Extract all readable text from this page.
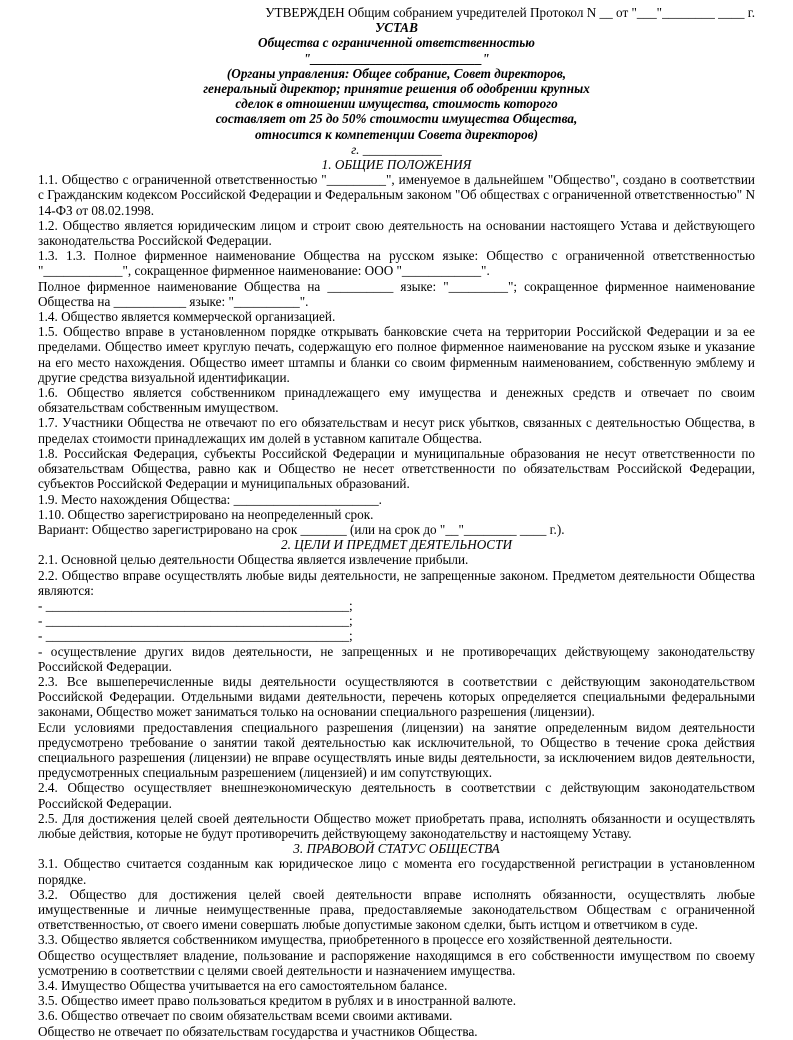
УТВЕРЖДЕН Общим собранием учредителей Протокол N __ от "___"________ ____ г.
УСТАВ
Общества с ограниченной ответственностью
"__________________________"
(Органы управления: Общее собрание, Совет директоров,
генеральный директор; принятие решения об одобрении крупных
сделок в отношении имущества, стоимость которого
составляет от 25 до 50% стоимости имущества Общества,
относится к компетенции Совета директоров)
г. ____________
1. ОБЩИЕ ПОЛОЖЕНИЯ

1.1. Общество с ограниченной ответственностью "_________", именуемое в дальнейшем "Общество", создано в соответствии с Гражданским кодексом Российской Федерации и Федеральным законом "Об обществах с ограниченной ответственностью" N 14-ФЗ от 08.02.1998.

1.2. Общество является юридическим лицом и строит свою деятельность на основании настоящего Устава и действующего законодательства Российской Федерации.

1.3. 1.3. Полное фирменное наименование Общества на русском языке: Общество с ограниченной ответственностью "____________", сокращенное фирменное наименование: ООО "____________".

Полное фирменное наименование Общества на __________ языке: "_________"; сокращенное фирменное наименование Общества на ___________ языке: "__________".

1.4. Общество является коммерческой организацией.

1.5. Общество вправе в установленном порядке открывать банковские счета на территории Российской Федерации и за ее пределами. Общество имеет круглую печать, содержащую его полное фирменное наименование на русском языке и указание на его место нахождения. Общество имеет штампы и бланки со своим фирменным наименованием, собственную эмблему и другие средства визуальной идентификации.

1.6. Общество является собственником принадлежащего ему имущества и денежных средств и отвечает по своим обязательствам собственным имуществом.

1.7. Участники Общества не отвечают по его обязательствам и несут риск убытков, связанных с деятельностью Общества, в пределах стоимости принадлежащих им долей в уставном капитале Общества.

1.8. Российская Федерация, субъекты Российской Федерации и муниципальные образования не несут ответственности по обязательствам Общества, равно как и Общество не несет ответственности по обязательствам Российской Федерации, субъектов Российской Федерации и муниципальных образований.

1.9. Место нахождения Общества: ______________________.

1.10. Общество зарегистрировано на неопределенный срок.

Вариант: Общество зарегистрировано на срок _______ (или на срок до "__"________ ____ г.).

2. ЦЕЛИ И ПРЕДМЕТ ДЕЯТЕЛЬНОСТИ

2.1. Основной целью деятельности Общества является извлечение прибыли.

2.2. Общество вправе осуществлять любые виды деятельности, не запрещенные законом. Предметом деятельности Общества являются:

- ______________________________________________;

- ______________________________________________;

- ______________________________________________;

- осуществление других видов деятельности, не запрещенных и не противоречащих действующему законодательству Российской Федерации.

2.3. Все вышеперечисленные виды деятельности осуществляются в соответствии с действующим законодательством Российской Федерации. Отдельными видами деятельности, перечень которых определяется специальными федеральными законами, Общество может заниматься только на основании специального разрешения (лицензии).

Если условиями предоставления специального разрешения (лицензии) на занятие определенным видом деятельности предусмотрено требование о занятии такой деятельностью как исключительной, то Общество в течение срока действия специального разрешения (лицензии) не вправе осуществлять иные виды деятельности, за исключением видов деятельности, предусмотренных специальным разрешением (лицензией) и им сопутствующих.

2.4. Общество осуществляет внешнеэкономическую деятельность в соответствии с действующим законодательством Российской Федерации.

2.5. Для достижения целей своей деятельности Общество может приобретать права, исполнять обязанности и осуществлять любые действия, которые не будут противоречить действующему законодательству и настоящему Уставу.

3. ПРАВОВОЙ СТАТУС ОБЩЕСТВА

3.1. Общество считается созданным как юридическое лицо с момента его государственной регистрации в установленном порядке.

3.2. Общество для достижения целей своей деятельности вправе исполнять обязанности, осуществлять любые имущественные и личные неимущественные права, предоставляемые законодательством Обществам с ограниченной ответственностью, от своего имени совершать любые допустимые законом сделки, быть истцом и ответчиком в суде.

3.3. Общество является собственником имущества, приобретенного в процессе его хозяйственной деятельности.

Общество осуществляет владение, пользование и распоряжение находящимся в его собственности имуществом по своему усмотрению в соответствии с целями своей деятельности и назначением имущества.

3.4. Имущество Общества учитывается на его самостоятельном балансе.

3.5. Общество имеет право пользоваться кредитом в рублях и в иностранной валюте.

3.6. Общество отвечает по своим обязательствам всеми своими активами.

Общество не отвечает по обязательствам государства и участников Общества.
